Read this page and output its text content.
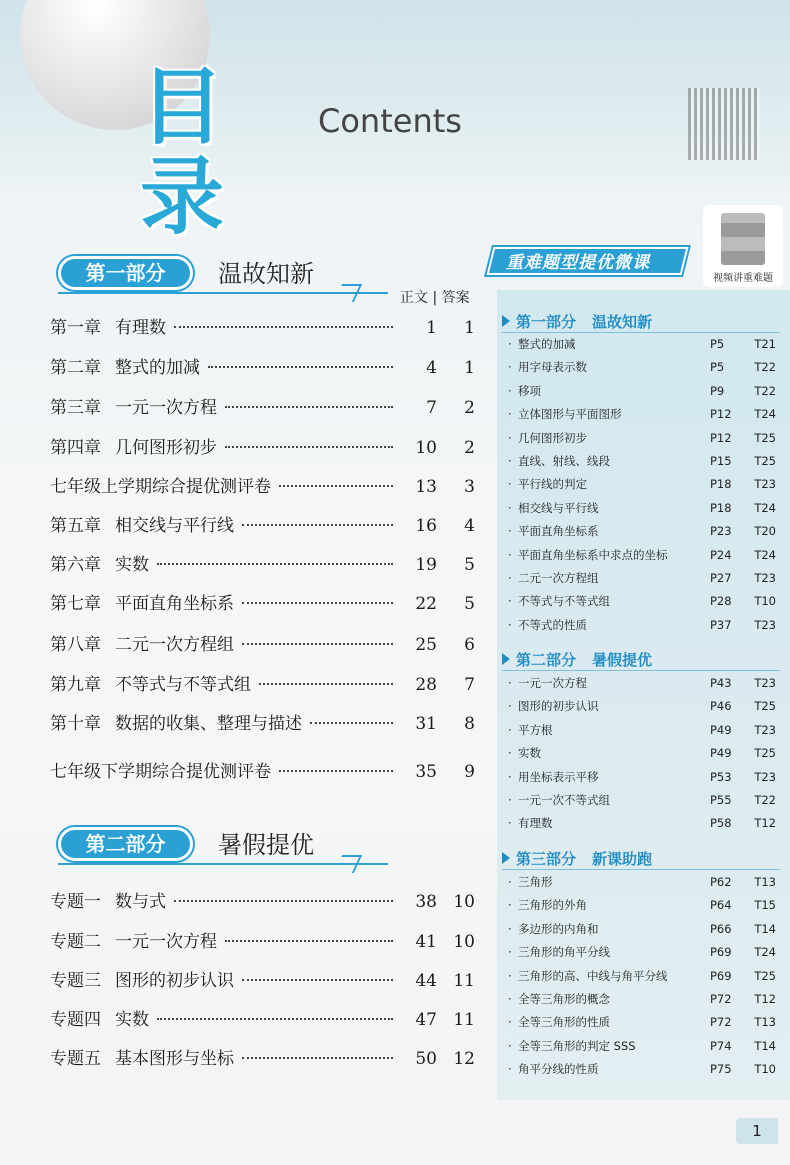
目录
Contents
第一部分	温故知新
正文 | 答案
第一章 有理数	1	1
第二章 整式的加减	4	1
第三章 一元一次方程	7	2
第四章 几何图形初步	10	2
七年级上学期综合提优测评卷	13	3
第五章 相交线与平行线	16	4
第六章 实数	19	5
第七章 平面直角坐标系	22	5
第八章 二元一次方程组	25	6
第九章 不等式与不等式组	28	7
第十章 数据的收集、整理与描述	31	8
七年级下学期综合提优测评卷	35	9
第二部分	暑假提优
专题一 数与式	38 10
专题二 一元一次方程	41 10
专题三 图形的初步认识	44 11
专题四 实数	47 11
专题五 基本图形与坐标	50 12
重难题型提优微课
视频讲重难题
第一部分 温故知新
· 整式的加减	P5	T21
· 用字母表示数	P5	T22
· 移项	P9	T22
· 立体图形与平面图形	P12	T24
· 几何图形初步	P12	T25
· 直线、射线、线段	P15	T25
· 平行线的判定	P18	T23
· 相交线与平行线	P18	T24
· 平面直角坐标系	P23	T20
· 平面直角坐标系中求点的坐标	P24	T24
· 二元一次方程组	P27	T23
· 不等式与不等式组	P28	T10
· 不等式的性质	P37	T23
第二部分 暑假提优
· 一元一次方程	P43	T23
· 图形的初步认识	P46	T25
· 平方根	P49	T23
· 实数	P49	T25
· 用坐标表示平移	P53	T23
· 一元一次不等式组	P55	T22
· 有理数	P58	T12
第三部分 新课助跑
· 三角形	P62	T13
· 三角形的外角	P64	T15
· 多边形的内角和	P66	T14
· 三角形的角平分线	P69	T24
· 三角形的高、中线与角平分线	P69	T25
· 全等三角形的概念	P72	T12
· 全等三角形的性质	P72	T13
· 全等三角形的判定 SSS	P74	T14
· 角平分线的性质	P75	T10
1
